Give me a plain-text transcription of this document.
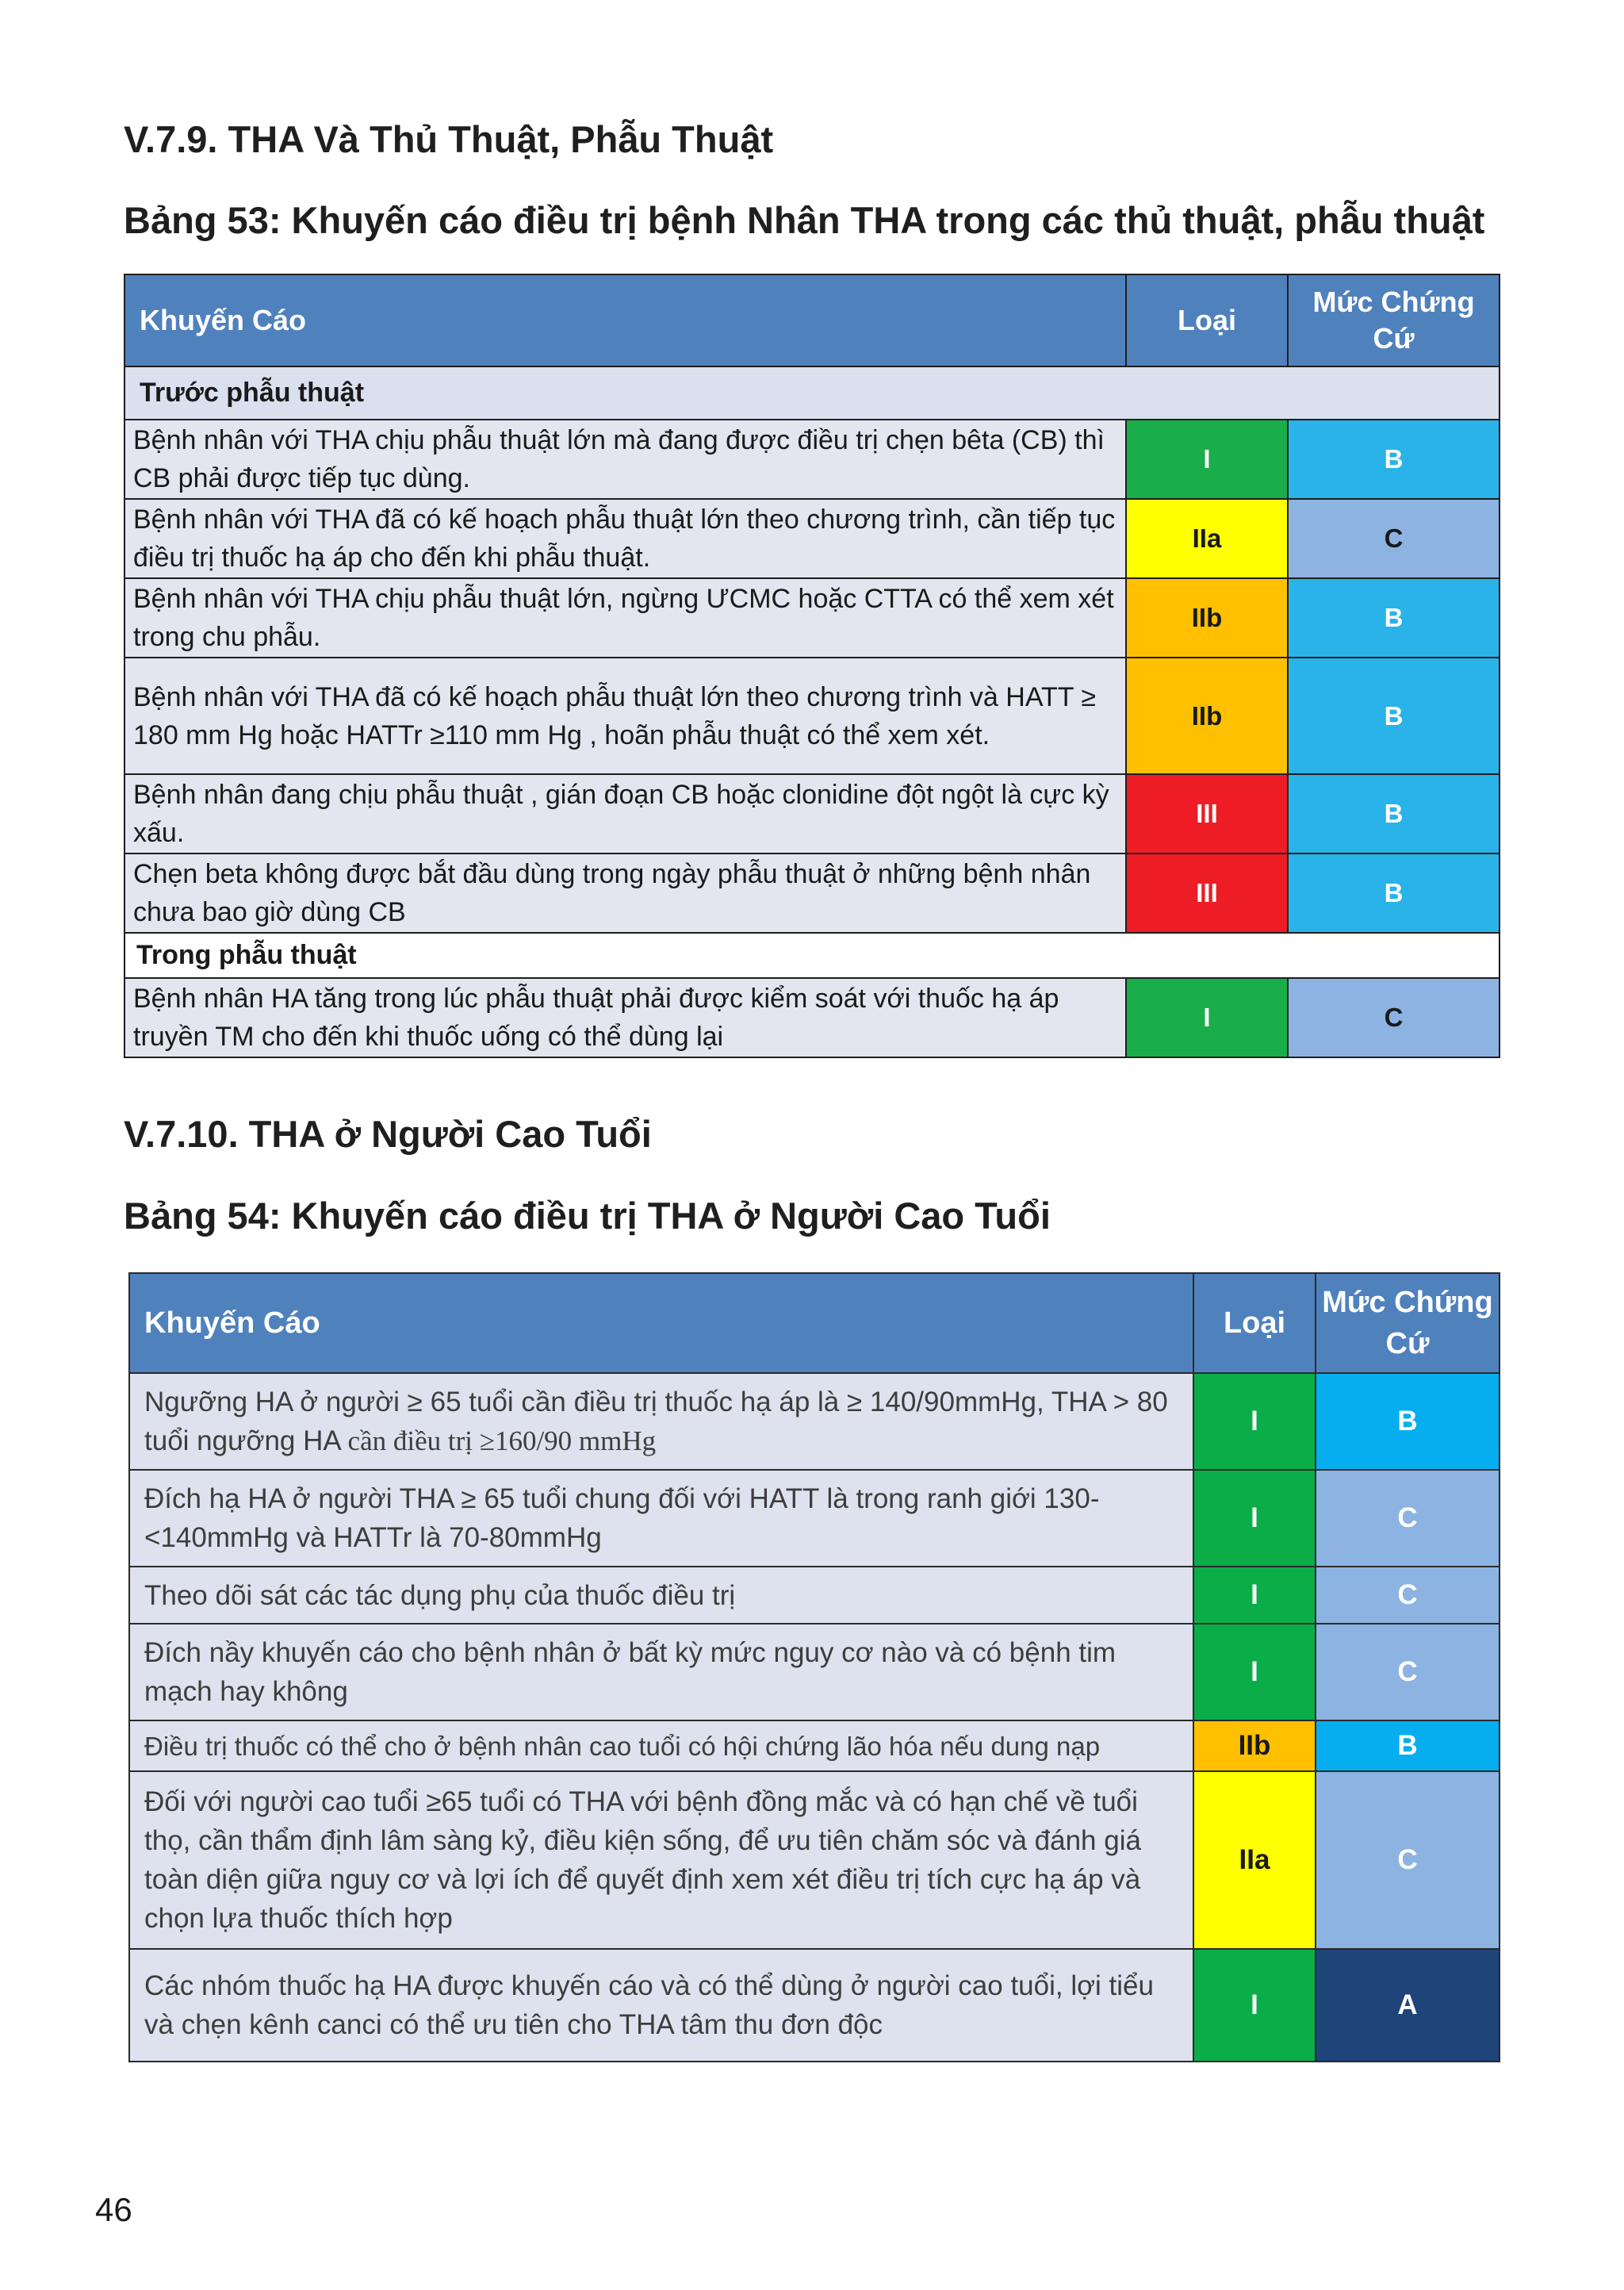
V.7.9. THA Và Thủ Thuật, Phẫu Thuật
Bảng 53: Khuyến cáo điều trị bệnh Nhân THA trong các thủ thuật, phẫu thuật
Khuyến Cáo	Loại	Mức Chứng Cứ
Trước phẫu thuật		
Bệnh nhân với THA chịu phẫu thuật lớn mà đang được điều trị chẹn bêta (CB) thì CB phải được tiếp tục dùng.	I	B
Bệnh nhân với THA đã có kế hoạch phẫu thuật lớn theo chương trình, cần tiếp tục điều trị thuốc hạ áp cho đến khi phẫu thuật.	IIa	C
Bệnh nhân với THA chịu phẫu thuật lớn, ngừng ƯCMC hoặc CTTA có thể xem xét trong chu phẫu.	IIb	B
Bệnh nhân với THA đã có kế hoạch phẫu thuật lớn theo chương trình và HATT ≥ 180 mm Hg hoặc HATTr ≥110 mm Hg , hoãn phẫu thuật có thể xem xét.	IIb	B
Bệnh nhân đang chịu phẫu thuật , gián đoạn CB hoặc clonidine đột ngột là cực kỳ xấu.	III	B
Chẹn beta không được bắt đầu dùng trong ngày phẫu thuật ở những bệnh nhân chưa bao giờ dùng CB	III	B
Trong phẫu thuật		
Bệnh nhân HA tăng trong lúc phẫu thuật phải được kiểm soát với thuốc hạ áp truyền TM cho đến khi thuốc uống có thể dùng lại	I	C
V.7.10. THA ở Người Cao Tuổi
Bảng 54: Khuyến cáo điều trị THA ở Người Cao Tuổi
Khuyến Cáo	Loại	Mức Chứng Cứ
Ngưỡng HA ở người ≥ 65 tuổi cần điều trị thuốc hạ áp là ≥ 140/90mmHg, THA > 80 tuổi ngưỡng HA cần điều trị ≥160/90 mmHg	I	B
Đích hạ HA ở người THA ≥ 65 tuổi chung đối với HATT là trong ranh giới 130-<140mmHg và HATTr là 70-80mmHg	I	C
Theo dõi sát các tác dụng phụ của thuốc điều trị	I	C
Đích nầy khuyến cáo cho bệnh nhân ở bất kỳ mức nguy cơ nào và có bệnh tim mạch hay không	I	C
Điều trị thuốc có thể cho ở bệnh nhân cao tuổi có hội chứng lão hóa nếu dung nạp	IIb	B
Đối với người cao tuổi ≥65 tuổi có THA với bệnh đồng mắc và có hạn chế về tuổi thọ, cần thẩm định lâm sàng kỷ, điều kiện sống, để ưu tiên chăm sóc và đánh giá toàn diện giữa nguy cơ và lợi ích để quyết định xem xét điều trị tích cực hạ áp và chọn lựa thuốc thích hợp	IIa	C
Các nhóm thuốc hạ HA được khuyến cáo và có thể dùng ở người cao tuổi, lợi tiểu và chẹn kênh canci có thể ưu tiên cho THA tâm thu đơn độc	I	A
46
